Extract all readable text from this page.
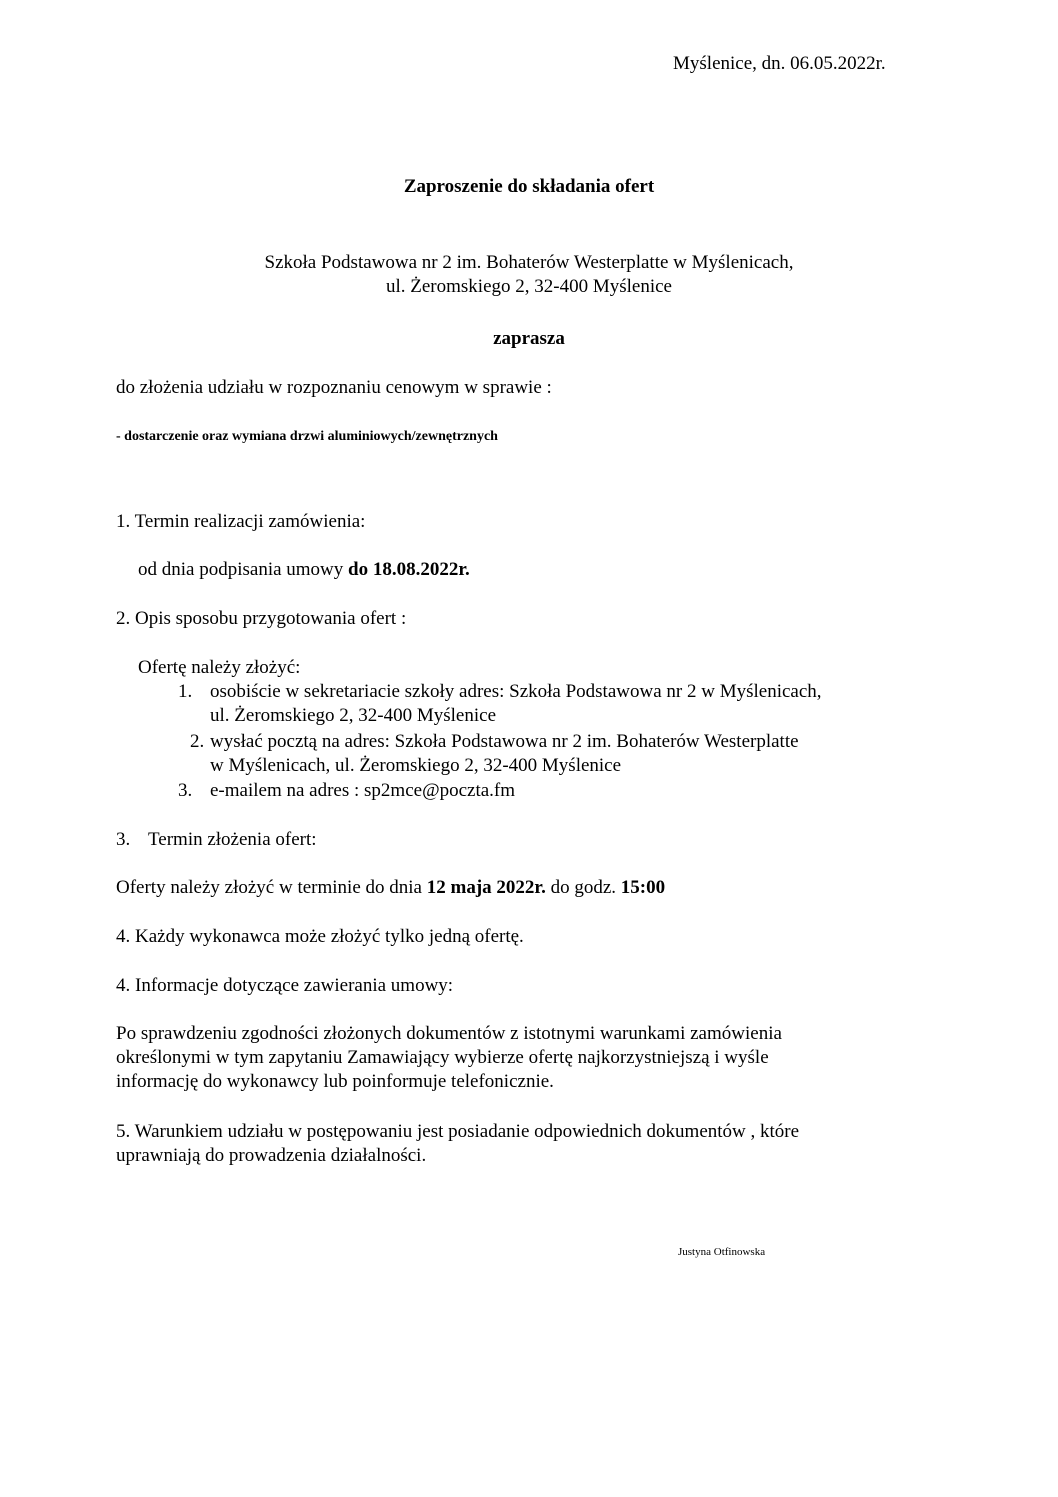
Myślenice, dn. 06.05.2022r.
Zaproszenie do składania ofert
Szkoła Podstawowa nr 2 im. Bohaterów Westerplatte w Myślenicach,
ul. Żeromskiego 2, 32-400 Myślenice
zaprasza
do złożenia udziału w rozpoznaniu cenowym w sprawie :
- dostarczenie oraz wymiana drzwi aluminiowych/zewnętrznych
1. Termin realizacji zamówienia:
od dnia podpisania umowy do 18.08.2022r.
2. Opis sposobu przygotowania ofert :
Ofertę należy złożyć:
1. osobiście w sekretariacie szkoły adres: Szkoła Podstawowa nr 2 w Myślenicach,
ul. Żeromskiego 2, 32-400 Myślenice
2. wysłać pocztą na adres: Szkoła Podstawowa nr 2 im. Bohaterów Westerplatte
w Myślenicach, ul. Żeromskiego 2, 32-400 Myślenice
3. e-mailem na adres : sp2mce@poczta.fm
3. Termin złożenia ofert:
Oferty należy złożyć w terminie do dnia 12 maja 2022r. do godz. 15:00
4. Każdy wykonawca może złożyć tylko jedną ofertę.
4. Informacje dotyczące zawierania umowy:
Po sprawdzeniu zgodności złożonych dokumentów z istotnymi warunkami zamówienia
określonymi w tym zapytaniu Zamawiający wybierze ofertę najkorzystniejszą i wyśle
informację do wykonawcy lub poinformuje telefonicznie.
5. Warunkiem udziału w postępowaniu jest posiadanie odpowiednich dokumentów , które
uprawniają do prowadzenia działalności.
Justyna Otfinowska
